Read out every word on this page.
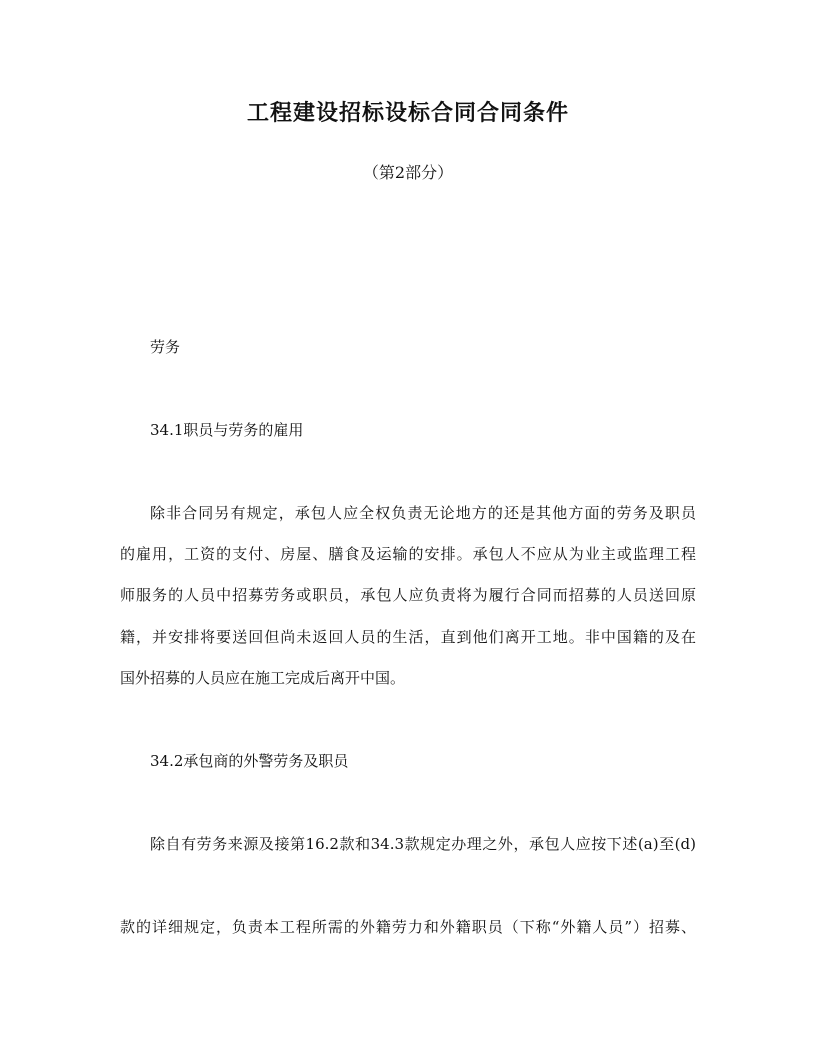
工程建设招标设标合同合同条件

（第2部分）

劳务

34.1职员与劳务的雇用

除非合同另有规定，承包人应全权负责无论地方的还是其他方面的劳务及职员

的雇用，工资的支付、房屋、膳食及运输的安排。承包人不应从为业主或监理工程

师服务的人员中招募劳务或职员，承包人应负责将为履行合同而招募的人员送回原

籍，并安排将要送回但尚未返回人员的生活，直到他们离开工地。非中国籍的及在

国外招募的人员应在施工完成后离开中国。

34.2承包商的外警劳务及职员

除自有劳务来源及接第16.2款和34.3款规定办理之外，承包人应按下述(a)至(d)

款的详细规定，负责本工程所需的外籍劳力和外籍职员（下称“外籍人员”）招募、
